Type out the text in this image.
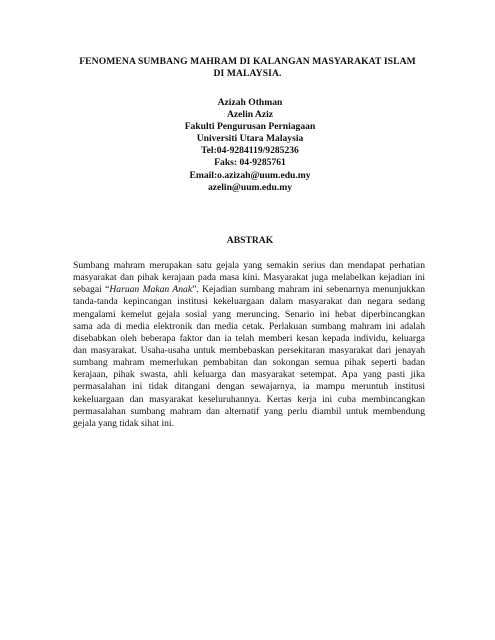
FENOMENA SUMBANG MAHRAM DI KALANGAN MASYARAKAT ISLAM
DI MALAYSIA.
Azizah Othman
Azelin Aziz
Fakulti Pengurusan Perniagaan
Universiti Utara Malaysia
Tel:04-9284119/9285236
Faks: 04-9285761
Email:o.azizah@uum.edu.my
azelin@uum.edu.my
ABSTRAK
Sumbang mahram merupakan satu gejala yang semakin serius dan mendapat perhatian
masyarakat dan pihak kerajaan pada masa kini. Masyarakat juga melabelkan kejadian ini
sebagai “Haruan Makan Anak”. Kejadian sumbang mahram ini sebenarnya menunjukkan
tanda-tanda kepincangan institusi kekeluargaan dalam masyarakat dan negara sedang
mengalami kemelut gejala sosial yang meruncing. Senario ini hebat diperbincangkan
sama ada di media elektronik dan media cetak. Perlakuan sumbang mahram ini adalah
disebabkan oleh beberapa faktor dan ia telah memberi kesan kepada individu, keluarga
dan masyarakat. Usaha-usaha untuk membebaskan persekitaran masyarakat dari jenayah
sumbang mahram memerlukan pembabitan dan sokongan semua pihak seperti badan
kerajaan, pihak swasta, ahli keluarga dan masyarakat setempat. Apa yang pasti jika
permasalahan ini tidak ditangani dengan sewajarnya, ia mampu meruntuh institusi
kekeluargaan dan masyarakat keseluruhannya. Kertas kerja ini cuba membincangkan
permasalahan sumbang mahram dan alternatif yang perlu diambil untuk membendung
gejala yang tidak sihat ini.
